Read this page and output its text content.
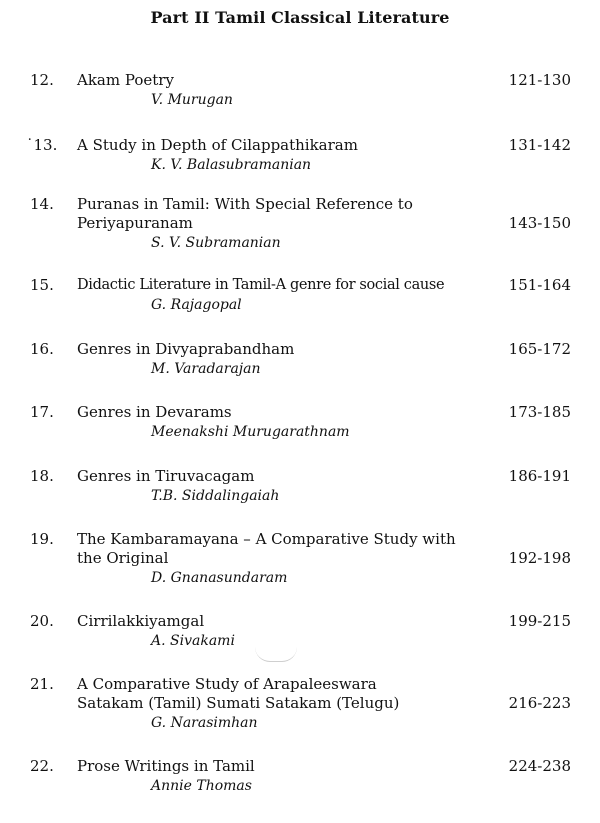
Part II Tamil Classical Literature
12.	Akam Poetry	121-130
V. Murugan
˙13.	A Study in Depth of Cilappathikaram	131-142
K. V. Balasubramanian
14.	Puranas in Tamil: With Special Reference to
Periyapuranam	143-150
S. V. Subramanian
15.	Didactic Literature in Tamil-A genre for social cause	151-164
G. Rajagopal
16.	Genres in Divyaprabandham	165-172
M. Varadarajan
17.	Genres in Devarams	173-185
Meenakshi Murugarathnam
18.	Genres in Tiruvacagam	186-191
T.B. Siddalingaiah
19.	The Kambaramayana – A Comparative Study with
the Original	192-198
D. Gnanasundaram
20.	Cirrilakkiyamgal	199-215
A. Sivakami
21.	A Comparative Study of Arapaleeswara
Satakam (Tamil) Sumati Satakam (Telugu)	216-223
G. Narasimhan
22.	Prose Writings in Tamil	224-238
Annie Thomas
